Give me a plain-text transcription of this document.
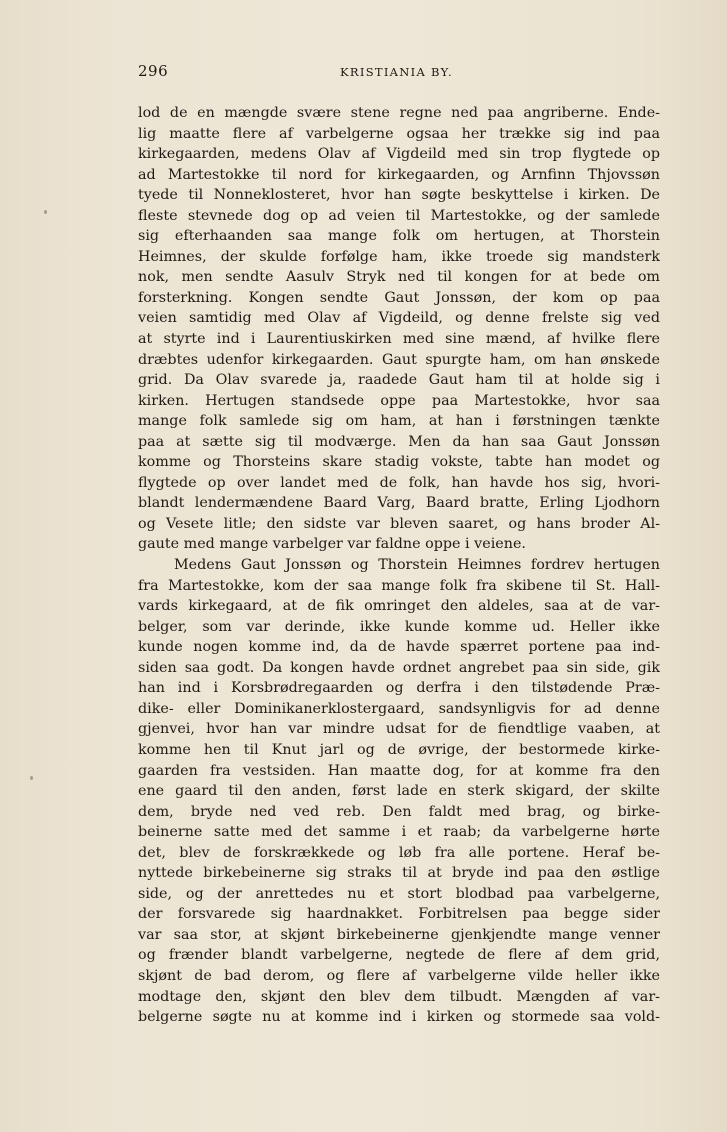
296	KRISTIANIA BY.
lod de en mængde svære stene regne ned paa angriberne. Ende-
lig maatte flere af varbelgerne ogsaa her trække sig ind paa
kirkegaarden, medens Olav af Vigdeild med sin trop flygtede op
ad Martestokke til nord for kirkegaarden, og Arnfinn Thjovssøn
tyede til Nonneklosteret, hvor han søgte beskyttelse i kirken. De
fleste stevnede dog op ad veien til Martestokke, og der samlede
sig efterhaanden saa mange folk om hertugen, at Thorstein
Heimnes, der skulde forfølge ham, ikke troede sig mandsterk
nok, men sendte Aasulv Stryk ned til kongen for at bede om
forsterkning. Kongen sendte Gaut Jonssøn, der kom op paa
veien samtidig med Olav af Vigdeild, og denne frelste sig ved
at styrte ind i Laurentiuskirken med sine mænd, af hvilke flere
dræbtes udenfor kirkegaarden. Gaut spurgte ham, om han ønskede
grid. Da Olav svarede ja, raadede Gaut ham til at holde sig i
kirken. Hertugen standsede oppe paa Martestokke, hvor saa
mange folk samlede sig om ham, at han i førstningen tænkte
paa at sætte sig til modværge. Men da han saa Gaut Jonssøn
komme og Thorsteins skare stadig vokste, tabte han modet og
flygtede op over landet med de folk, han havde hos sig, hvori-
blandt lendermændene Baard Varg, Baard bratte, Erling Ljodhorn
og Vesete litle; den sidste var bleven saaret, og hans broder Al-
gaute med mange varbelger var faldne oppe i veiene.
Medens Gaut Jonssøn og Thorstein Heimnes fordrev hertugen
fra Martestokke, kom der saa mange folk fra skibene til St. Hall-
vards kirkegaard, at de fik omringet den aldeles, saa at de var-
belger, som var derinde, ikke kunde komme ud. Heller ikke
kunde nogen komme ind, da de havde spærret portene paa ind-
siden saa godt. Da kongen havde ordnet angrebet paa sin side, gik
han ind i Korsbrødregaarden og derfra i den tilstødende Præ-
dike- eller Dominikanerklostergaard, sandsynligvis for ad denne
gjenvei, hvor han var mindre udsat for de fiendtlige vaaben, at
komme hen til Knut jarl og de øvrige, der bestormede kirke-
gaarden fra vestsiden. Han maatte dog, for at komme fra den
ene gaard til den anden, først lade en sterk skigard, der skilte
dem, bryde ned ved reb. Den faldt med brag, og birke-
beinerne satte med det samme i et raab; da varbelgerne hørte
det, blev de forskrækkede og løb fra alle portene. Heraf be-
nyttede birkebeinerne sig straks til at bryde ind paa den østlige
side, og der anrettedes nu et stort blodbad paa varbelgerne,
der forsvarede sig haardnakket. Forbitrelsen paa begge sider
var saa stor, at skjønt birkebeinerne gjenkjendte mange venner
og frænder blandt varbelgerne, negtede de flere af dem grid,
skjønt de bad derom, og flere af varbelgerne vilde heller ikke
modtage den, skjønt den blev dem tilbudt. Mængden af var-
belgerne søgte nu at komme ind i kirken og stormede saa vold-
